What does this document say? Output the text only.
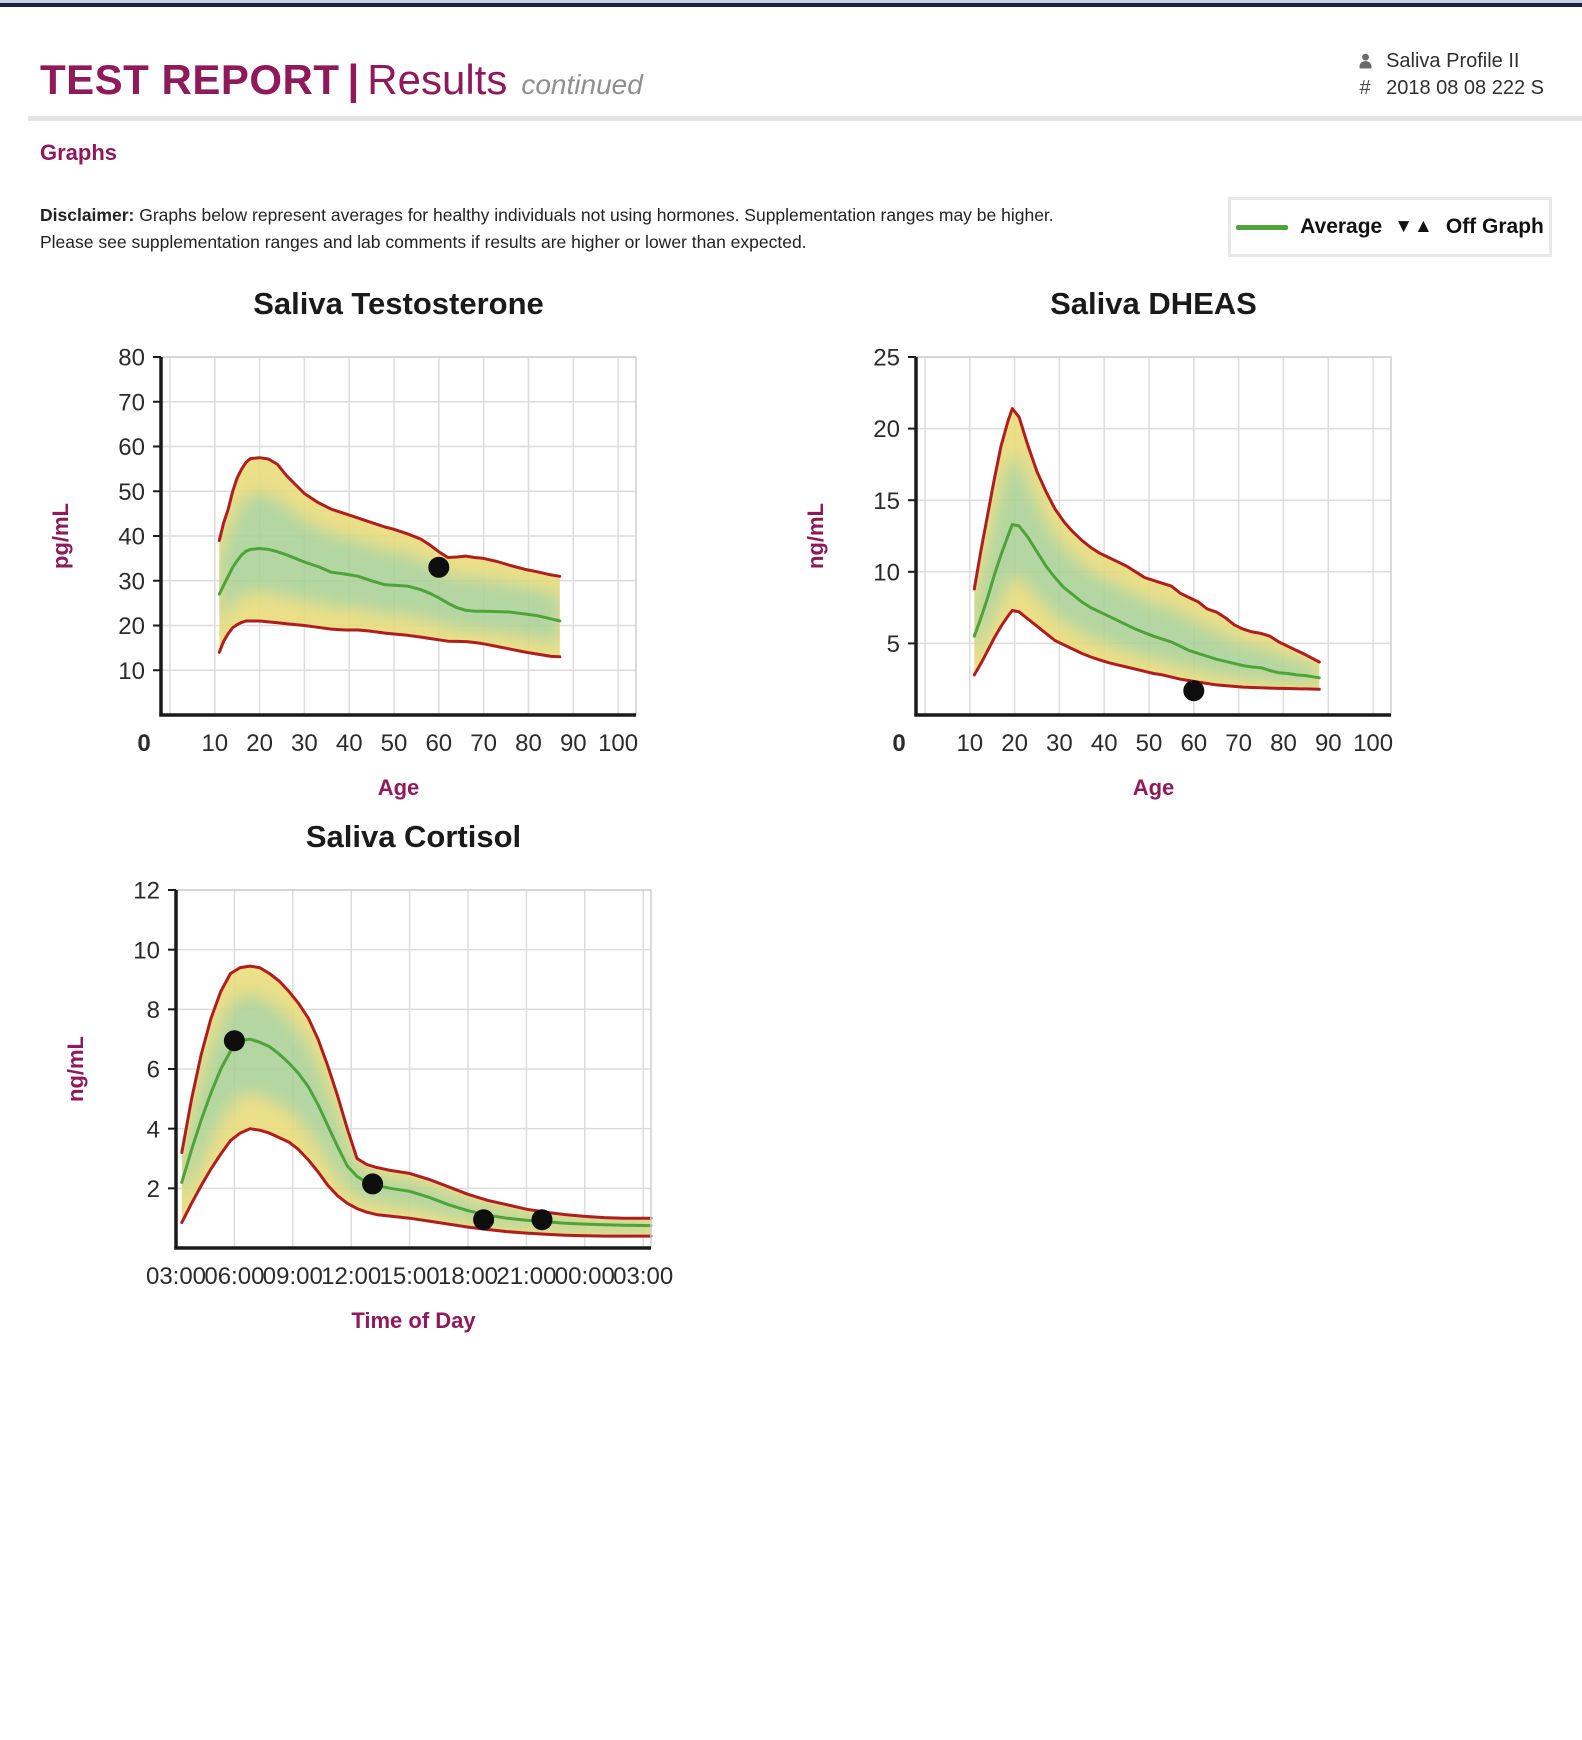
TEST REPORT | Results continued
Saliva Profile II
# 2018 08 08 222 S
Graphs

Disclaimer: Graphs below represent averages for healthy individuals not using hormones. Supplementation ranges may be higher. Please see supplementation ranges and lab comments if results are higher or lower than expected.

Average ▼▲ Off Graph
10
20
30
40
50
60
70
80
0 10 20 30 40 50 60 70 80 90 100
Saliva Testosterone
Age
pg/mL
5
10
15
20
25
0 10 20 30 40 50 60 70 80 90 100
Saliva DHEAS
Age
ng/mL
2
4
6
8
10
12
03:00
06:00
09:00
12:00
15:00
18:00
21:00
00:00
03:00
Saliva Cortisol
Time of Day
ng/mL
